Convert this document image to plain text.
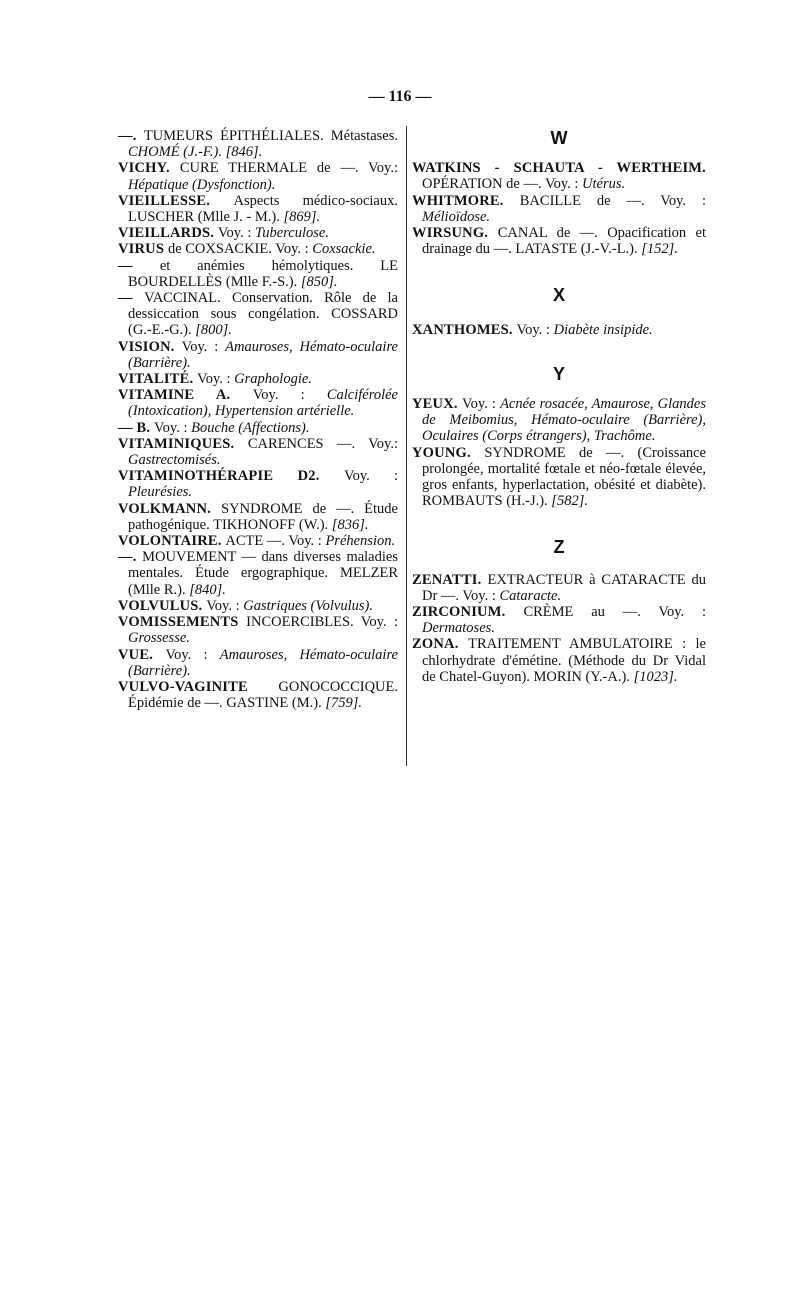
— 116 —

—. TUMEURS ÉPITHÉLIALES. Métastases. CHOMÉ (J.-F.). [846].

VICHY. CURE THERMALE de —. Voy.: Hépatique (Dysfonction).

VIEILLESSE. Aspects médico-sociaux. LUSCHER (Mlle J. - M.). [869].

VIEILLARDS. Voy. : Tuberculose.

VIRUS de COXSACKIE. Voy. : Coxsackie.

— et anémies hémolytiques. LE BOURDELLÈS (Mlle F.-S.). [850].

— VACCINAL. Conservation. Rôle de la dessiccation sous congélation. COSSARD (G.-E.-G.). [800].

VISION. Voy. : Amauroses, Hémato-oculaire (Barrière).

VITALITÉ. Voy. : Graphologie.

VITAMINE A. Voy. : Calciférolée (Intoxication), Hypertension artérielle.

— B. Voy. : Bouche (Affections).

VITAMINIQUES. CARENCES —. Voy.: Gastrectomisés.

VITAMINOTHÉRAPIE D2. Voy. : Pleurésies.

VOLKMANN. SYNDROME de —. Étude pathogénique. TIKHONOFF (W.). [836].

VOLONTAIRE. ACTE —. Voy. : Préhension.

—. MOUVEMENT — dans diverses maladies mentales. Étude ergographique. MELZER (Mlle R.). [840].

VOLVULUS. Voy. : Gastriques (Volvulus).

VOMISSEMENTS INCOERCIBLES. Voy. : Grossesse.

VUE. Voy. : Amauroses, Hémato-oculaire (Barrière).

VULVO-VAGINITE GONOCOCCIQUE. Épidémie de —. GASTINE (M.). [759].

W

WATKINS - SCHAUTA - WERTHEIM. OPÉRATION de —. Voy. : Utérus.

WHITMORE. BACILLE de —. Voy. : Mélioïdose.

WIRSUNG. CANAL de —. Opacification et drainage du —. LATASTE (J.-V.-L.). [152].

X

XANTHOMES. Voy. : Diabète insipide.

Y

YEUX. Voy. : Acnée rosacée, Amaurose, Glandes de Meibomius, Hémato-oculaire (Barrière), Oculaires (Corps étrangers), Trachôme.

YOUNG. SYNDROME de —. (Croissance prolongée, mortalité fœtale et néo-fœtale élevée, gros enfants, hyperlactation, obésité et diabète). ROMBAUTS (H.-J.). [582].

Z

ZENATTI. EXTRACTEUR à CATARACTE du Dr —. Voy. : Cataracte.

ZIRCONIUM. CRÈME au —. Voy. : Dermatoses.

ZONA. TRAITEMENT AMBULATOIRE : le chlorhydrate d'émétine. (Méthode du Dr Vidal de Chatel-Guyon). MORIN (Y.-A.). [1023].
